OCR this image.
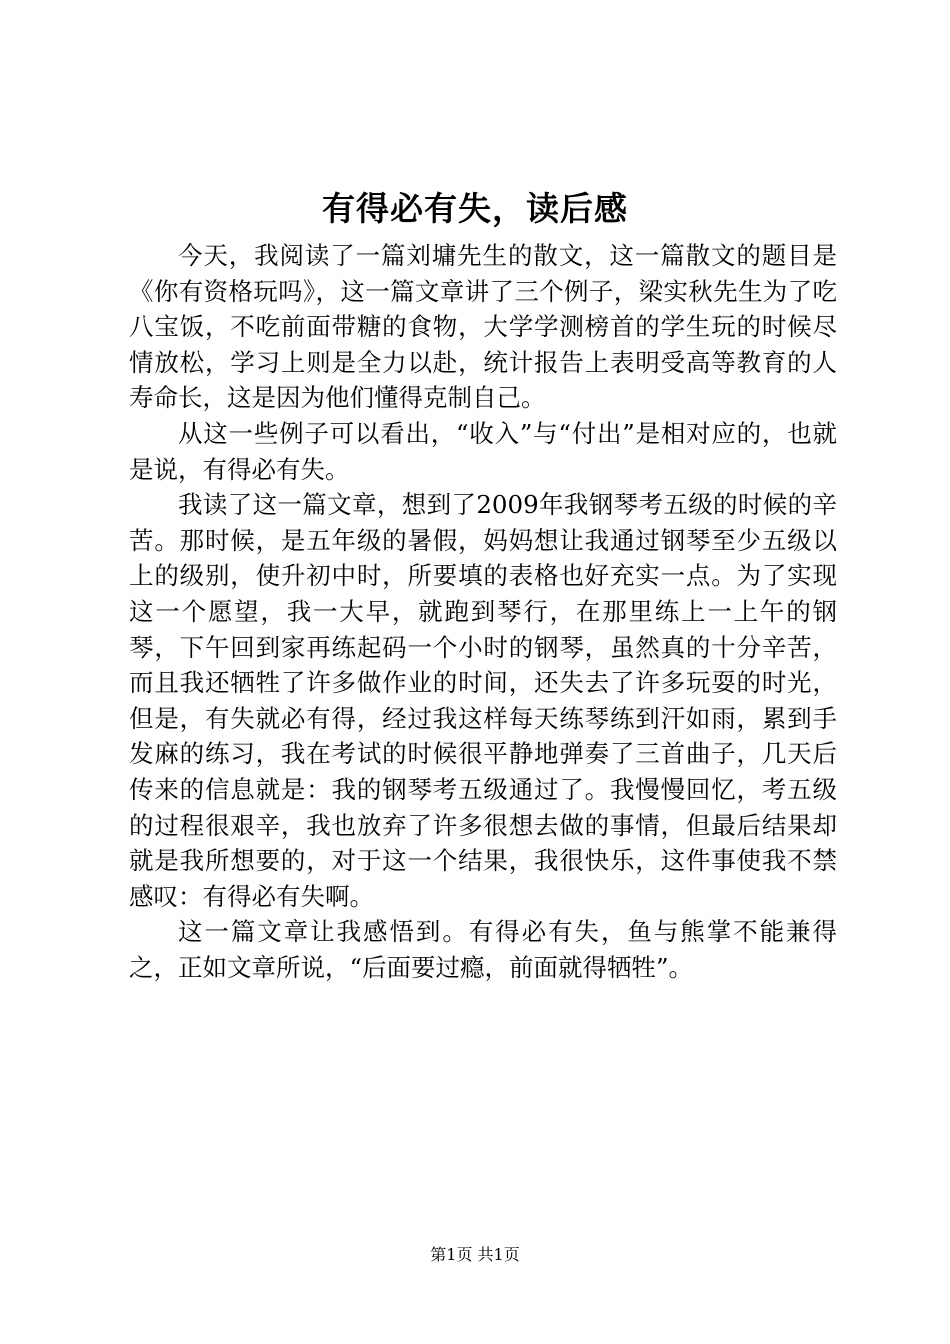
有得必有失，读后感

今天，我阅读了一篇刘墉先生的散文，这一篇散文的题目是《你有资格玩吗》，这一篇文章讲了三个例子，梁实秋先生为了吃八宝饭，不吃前面带糖的食物，大学学测榜首的学生玩的时候尽情放松，学习上则是全力以赴，统计报告上表明受高等教育的人寿命长，这是因为他们懂得克制自己。

从这一些例子可以看出，“收入”与“付出”是相对应的，也就是说，有得必有失。

我读了这一篇文章，想到了2009年我钢琴考五级的时候的辛苦。那时候，是五年级的暑假，妈妈想让我通过钢琴至少五级以上的级别，使升初中时，所要填的表格也好充实一点。为了实现这一个愿望，我一大早，就跑到琴行，在那里练上一上午的钢琴，下午回到家再练起码一个小时的钢琴，虽然真的十分辛苦，而且我还牺牲了许多做作业的时间，还失去了许多玩耍的时光，但是，有失就必有得，经过我这样每天练琴练到汗如雨，累到手发麻的练习，我在考试的时候很平静地弹奏了三首曲子，几天后传来的信息就是：我的钢琴考五级通过了。我慢慢回忆，考五级的过程很艰辛，我也放弃了许多很想去做的事情，但最后结果却就是我所想要的，对于这一个结果，我很快乐，这件事使我不禁感叹：有得必有失啊。

这一篇文章让我感悟到。有得必有失，鱼与熊掌不能兼得之，正如文章所说，“后面要过瘾，前面就得牺牲”。

第1页 共1页
